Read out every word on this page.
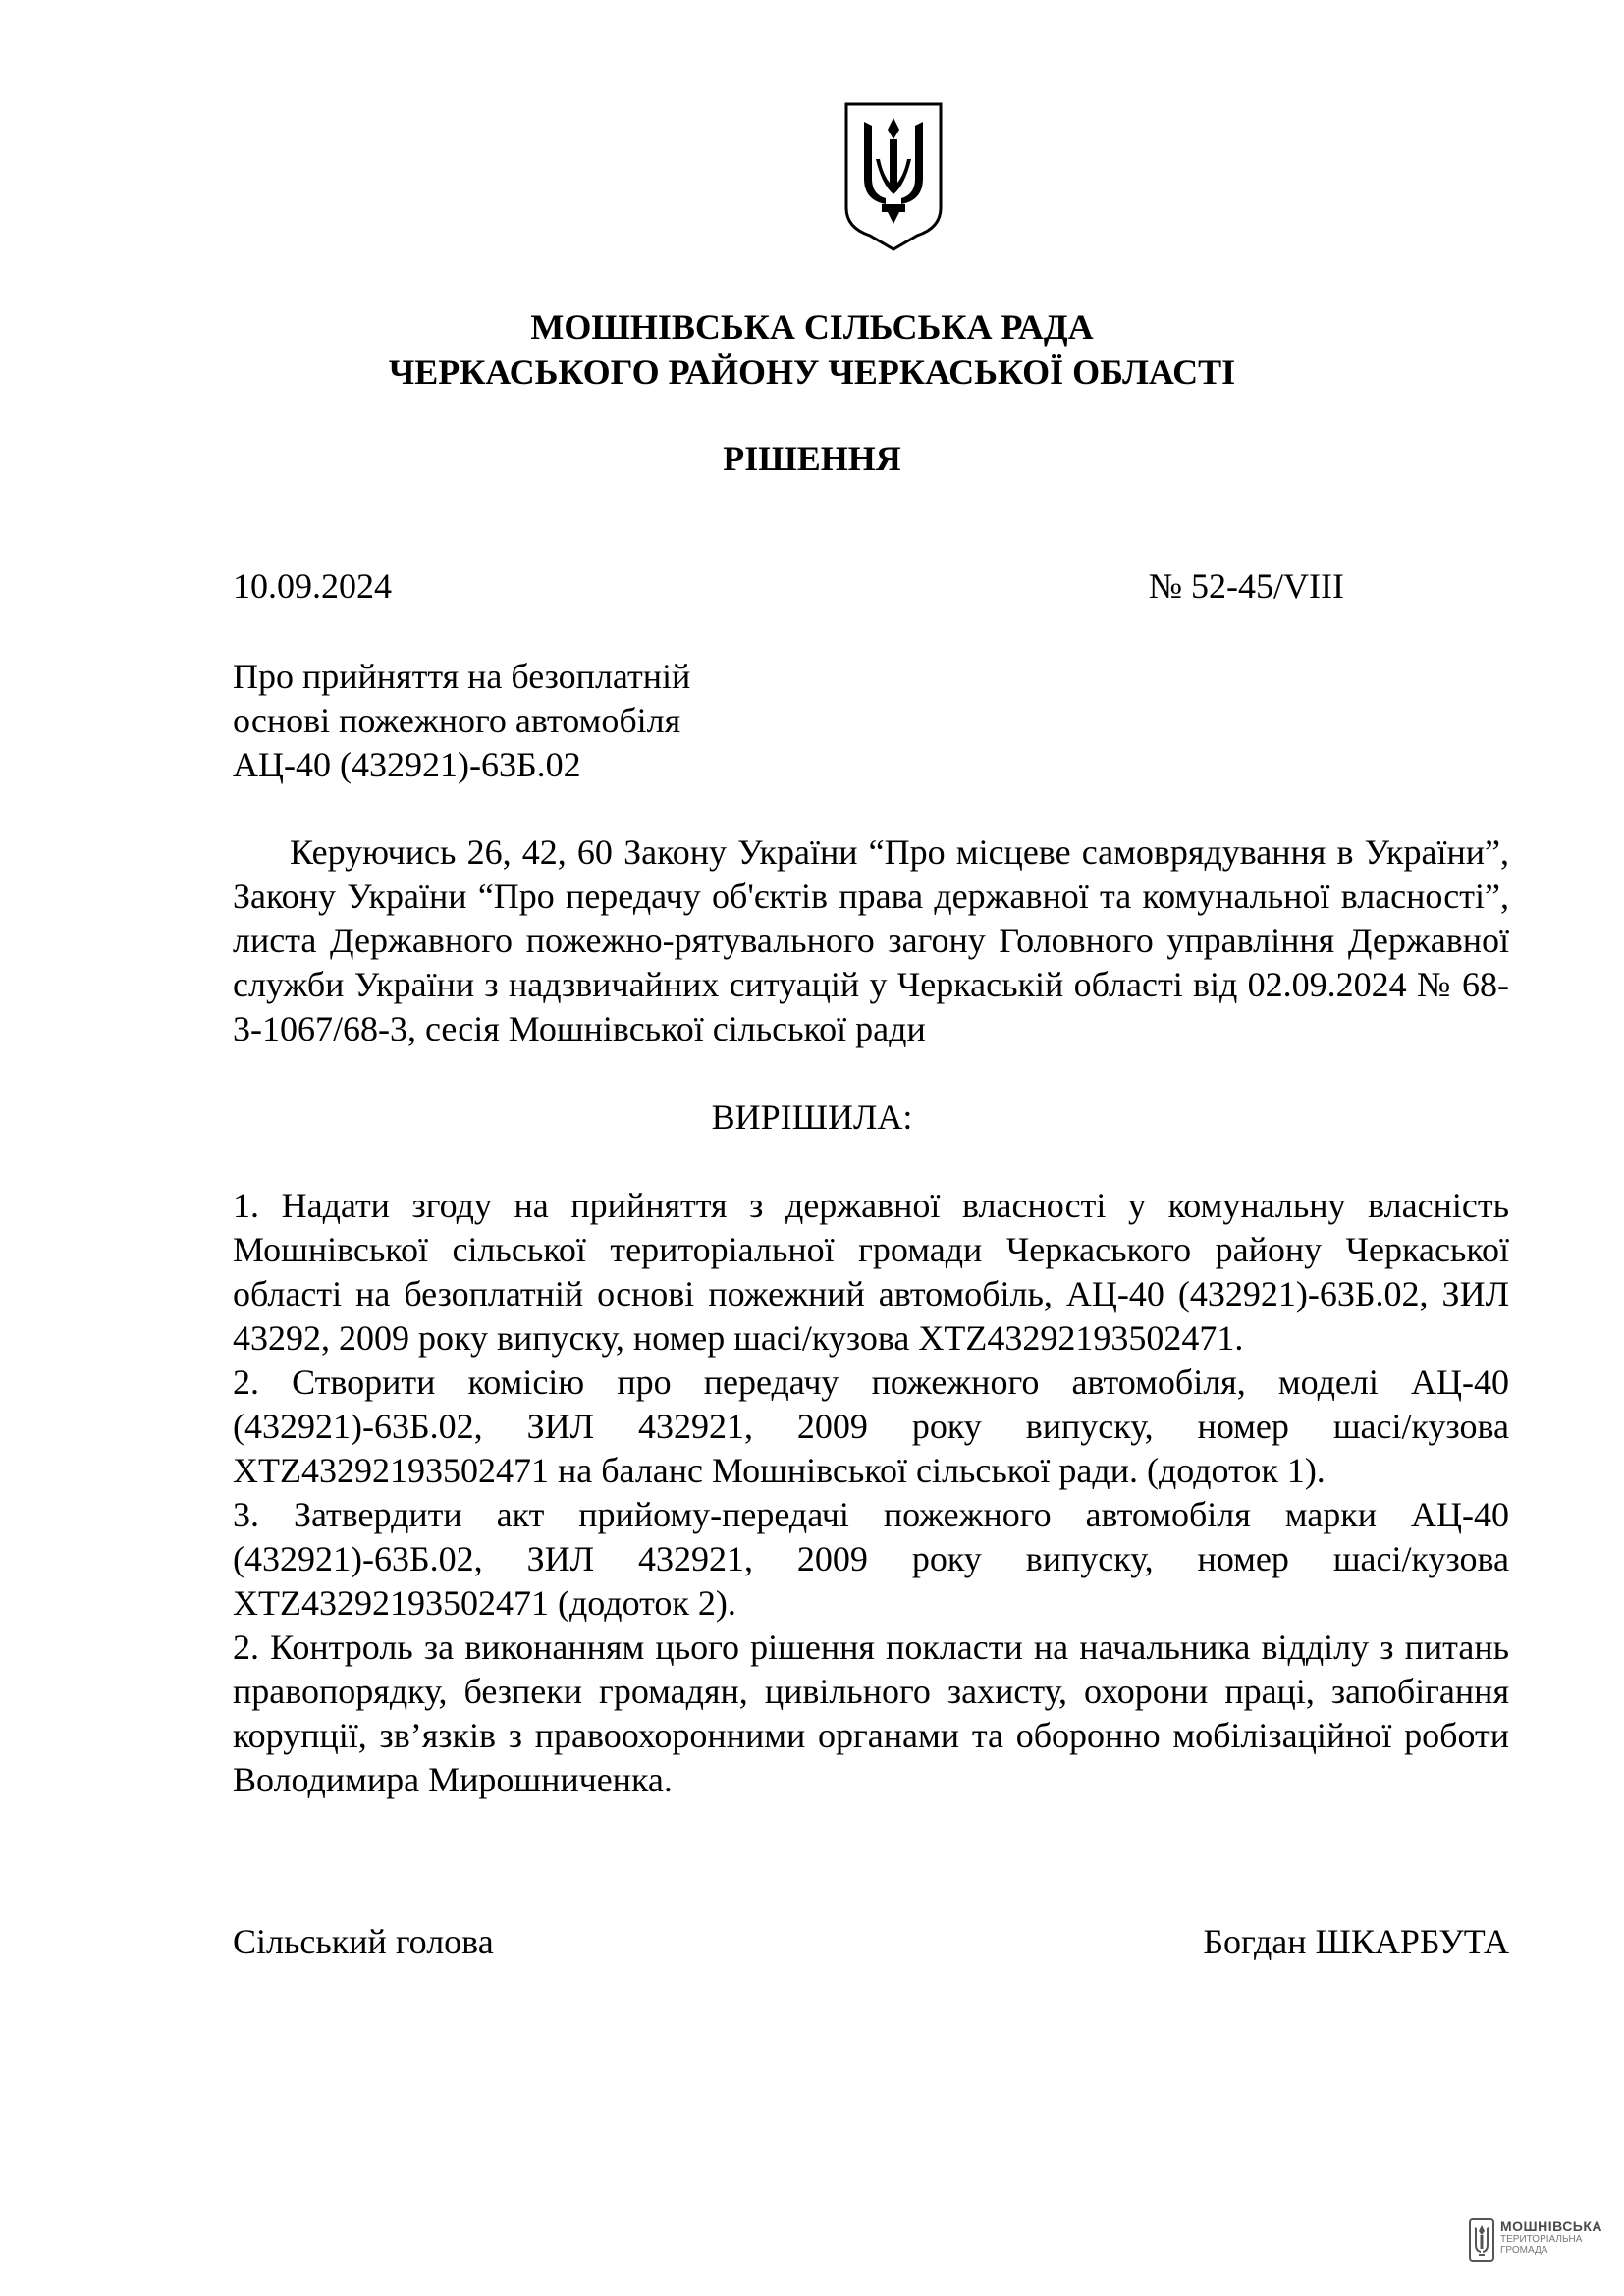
МОШНІВСЬКА СІЛЬСЬКА РАДА
ЧЕРКАСЬКОГО РАЙОНУ ЧЕРКАСЬКОЇ ОБЛАСТІ
РІШЕННЯ
10.09.2024	№ 52-45/VIII
Про прийняття на безоплатній
основі пожежного автомобіля
АЦ-40 (432921)-63Б.02
Керуючись 26, 42, 60 Закону України “Про місцеве самоврядування в України”, Закону України “Про передачу об'єктів права державної та комунальної власності”, листа Державного пожежно-рятувального загону Головного управління Державної служби України з надзвичайних ситуацій у Черкаській області від 02.09.2024 № 68-3-1067/68-3, сесія Мошнівської сільської ради
ВИРІШИЛА:

1. Надати згоду на прийняття з державної власності у комунальну власність Мошнівської сільської територіальної громади Черкаського району Черкаської області на безоплатній основі пожежний автомобіль, АЦ-40 (432921)-63Б.02, ЗИЛ 43292, 2009 року випуску, номер шасі/кузова XTZ43292193502471.

2. Створити комісію про передачу пожежного автомобіля, моделі АЦ-40 (432921)-63Б.02, ЗИЛ 432921, 2009 року випуску, номер шасі/кузова XTZ43292193502471 на баланс Мошнівської сільської ради. (додоток 1).

3. Затвердити акт прийому-передачі пожежного автомобіля марки АЦ-40 (432921)-63Б.02, ЗИЛ 432921, 2009 року випуску, номер шасі/кузова XTZ43292193502471 (додоток 2).

2. Контроль за виконанням цього рішення покласти на начальника відділу з питань правопорядку, безпеки громадян, цивільного захисту, охорони праці, запобігання корупції, зв’язків з правоохоронними органами та оборонно мобілізаційної роботи Володимира Мирошниченка.

Сільський голова	Богдан ШКАРБУТА
МОШНІВСЬКА
ТЕРИТОРІАЛЬНА
ГРОМАДА
